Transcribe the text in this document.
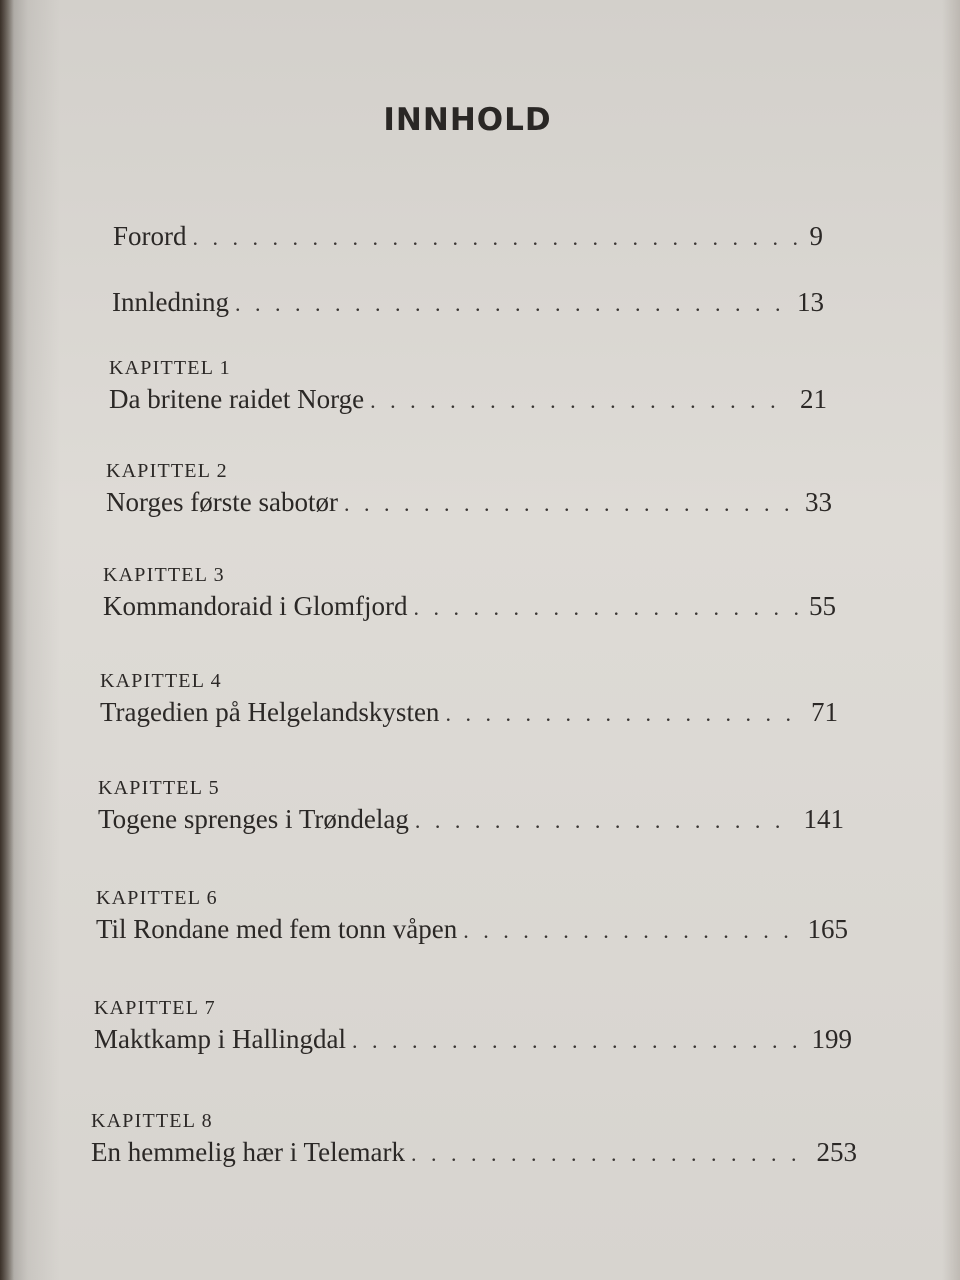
INNHOLD
Forord . . .	9
Innledning . . .	13
KAPITTEL 1
Da britene raidet Norge . . .	21
KAPITTEL 2
Norges første sabotør . . .	33
KAPITTEL 3
Kommandoraid i Glomfjord . . .	55
KAPITTEL 4
Tragedien på Helgelandskysten . . .	71
KAPITTEL 5
Togene sprenges i Trøndelag . . .	141
KAPITTEL 6
Til Rondane med fem tonn våpen . . .	165
KAPITTEL 7
Maktkamp i Hallingdal . . .	199
KAPITTEL 8
En hemmelig hær i Telemark . . .	253
